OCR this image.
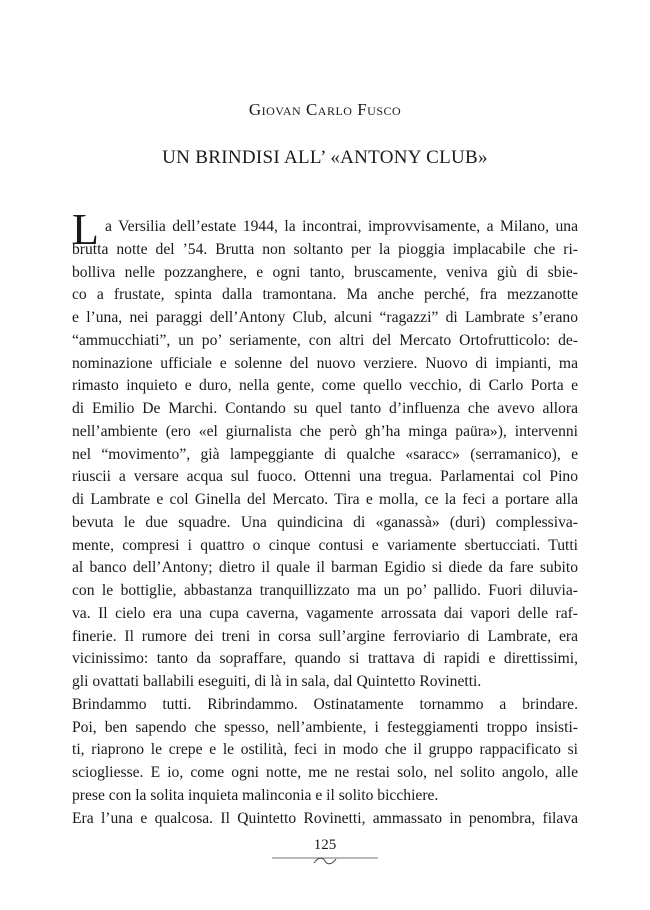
Giovan Carlo Fusco
UN BRINDISI ALL’ «ANTONY CLUB»
L a Versilia dell’estate 1944, la incontrai, improvvisamente, a Milano, una
brutta notte del ’54. Brutta non soltanto per la pioggia implacabile che ri-
bolliva nelle pozzanghere, e ogni tanto, bruscamente, veniva giù di sbie-
co a frustate, spinta dalla tramontana. Ma anche perché, fra mezzanotte
e l’una, nei paraggi dell’Antony Club, alcuni “ragazzi” di Lambrate s’erano
“ammucchiati”, un po’ seriamente, con altri del Mercato Ortofrutticolo: de-
nominazione ufficiale e solenne del nuovo verziere. Nuovo di impianti, ma
rimasto inquieto e duro, nella gente, come quello vecchio, di Carlo Porta e
di Emilio De Marchi. Contando su quel tanto d’influenza che avevo allora
nell’ambiente (ero «el giurnalista che però gh’ha minga paüra»), intervenni
nel “movimento”, già lampeggiante di qualche «saracc» (serramanico), e
riuscii a versare acqua sul fuoco. Ottenni una tregua. Parlamentai col Pino
di Lambrate e col Ginella del Mercato. Tira e molla, ce la feci a portare alla
bevuta le due squadre. Una quindicina di «ganassà» (duri) complessiva-
mente, compresi i quattro o cinque contusi e variamente sbertucciati. Tutti
al banco dell’Antony; dietro il quale il barman Egidio si diede da fare subito
con le bottiglie, abbastanza tranquillizzato ma un po’ pallido. Fuori diluvia-
va. Il cielo era una cupa caverna, vagamente arrossata dai vapori delle raf-
finerie. Il rumore dei treni in corsa sull’argine ferroviario di Lambrate, era
vicinissimo: tanto da sopraffare, quando si trattava di rapidi e direttissimi,
gli ovattati ballabili eseguiti, di là in sala, dal Quintetto Rovinetti.
Brindammo tutti. Ribrindammo. Ostinatamente tornammo a brindare.
Poi, ben sapendo che spesso, nell’ambiente, i festeggiamenti troppo insisti-
ti, riaprono le crepe e le ostilità, feci in modo che il gruppo rappacificato si
sciogliesse. E io, come ogni notte, me ne restai solo, nel solito angolo, alle
prese con la solita inquieta malinconia e il solito bicchiere.
Era l’una e qualcosa. Il Quintetto Rovinetti, ammassato in penombra, filava
125
